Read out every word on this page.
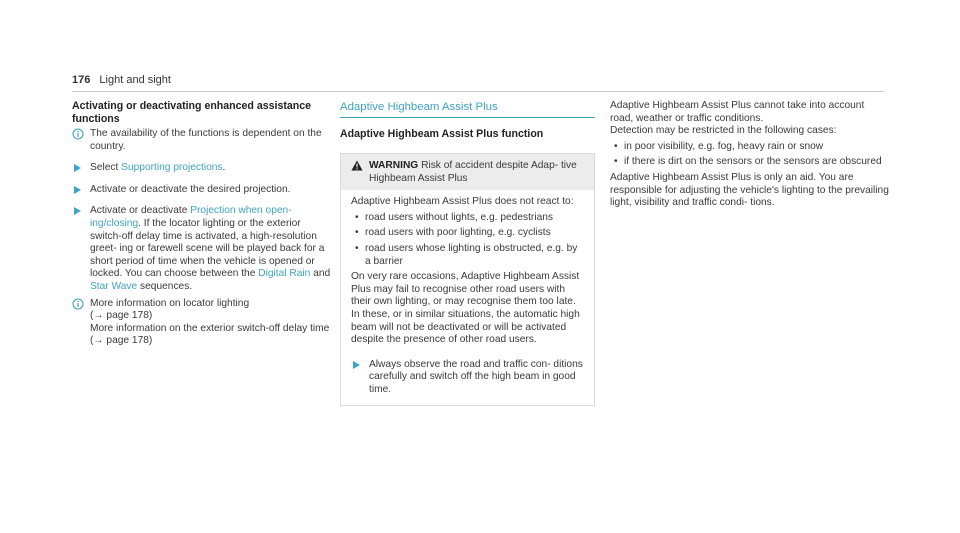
176 Light and sight

Activating or deactivating enhanced assistance functions

The availability of the functions is dependent on the country.

Select Supporting projections.

Activate or deactivate the desired projection.

Activate or deactivate Projection when open- ing/closing. If the locator lighting or the exterior switch-off delay time is activated, a high-resolution greet- ing or farewell scene will be played back for a short period of time when the vehicle is opened or locked. You can choose between the Digital Rain and Star Wave sequences.

More information on locator lighting

(→ page 178)

More information on the exterior switch-off delay time (→ page 178)

Adaptive Highbeam Assist Plus

Adaptive Highbeam Assist Plus function

WARNING Risk of accident despite Adap- tive Highbeam Assist Plus

Adaptive Highbeam Assist Plus does not react to:

• road users without lights, e.g. pedestrians
• road users with poor lighting, e.g. cyclists
• road users whose lighting is obstructed, e.g. by a barrier

On very rare occasions, Adaptive Highbeam Assist Plus may fail to recognise other road users with their own lighting, or may recognise them too late.

In these, or in similar situations, the automatic high beam will not be deactivated or will be activated despite the presence of other road users.

Always observe the road and traffic con- ditions carefully and switch off the high beam in good time.

Adaptive Highbeam Assist Plus cannot take into account road, weather or traffic conditions.

Detection may be restricted in the following cases:

• in poor visibility, e.g. fog, heavy rain or snow
• if there is dirt on the sensors or the sensors are obscured

Adaptive Highbeam Assist Plus is only an aid. You are responsible for adjusting the vehicle's lighting to the prevailing light, visibility and traffic condi- tions.
